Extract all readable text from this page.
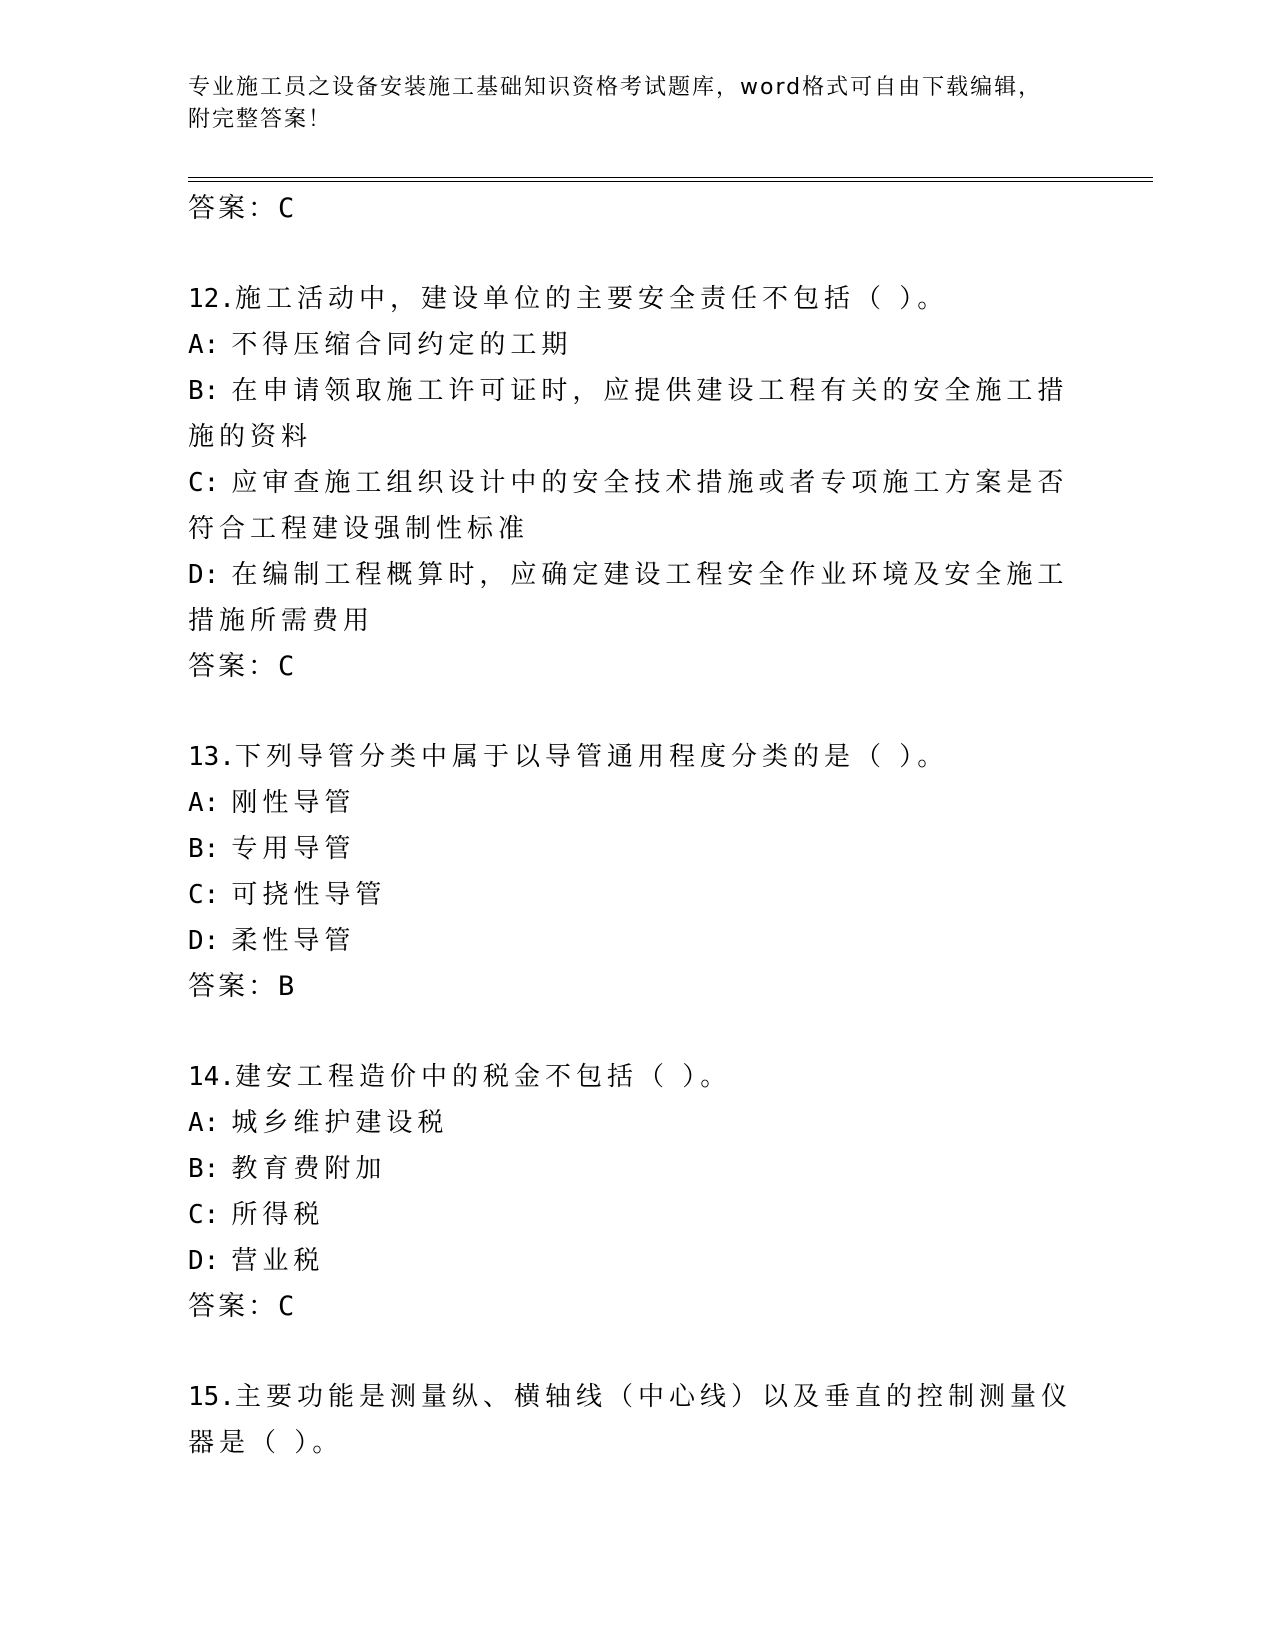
专业施工员之设备安装施工基础知识资格考试题库，word格式可自由下载编辑，
附完整答案！

答案：C

12.施工活动中，建设单位的主要安全责任不包括（ ）。

A: 不得压缩合同约定的工期

B: 在申请领取施工许可证时，应提供建设工程有关的安全施工措施的资料

C: 应审查施工组织设计中的安全技术措施或者专项施工方案是否符合工程建设强制性标准

D: 在编制工程概算时，应确定建设工程安全作业环境及安全施工措施所需费用

答案：C

13.下列导管分类中属于以导管通用程度分类的是（ ）。

A: 刚性导管

B: 专用导管

C: 可挠性导管

D: 柔性导管

答案：B

14.建安工程造价中的税金不包括（ ）。

A: 城乡维护建设税

B: 教育费附加

C: 所得税

D: 营业税

答案：C

15.主要功能是测量纵、横轴线（中心线）以及垂直的控制测量仪器是（ ）。
